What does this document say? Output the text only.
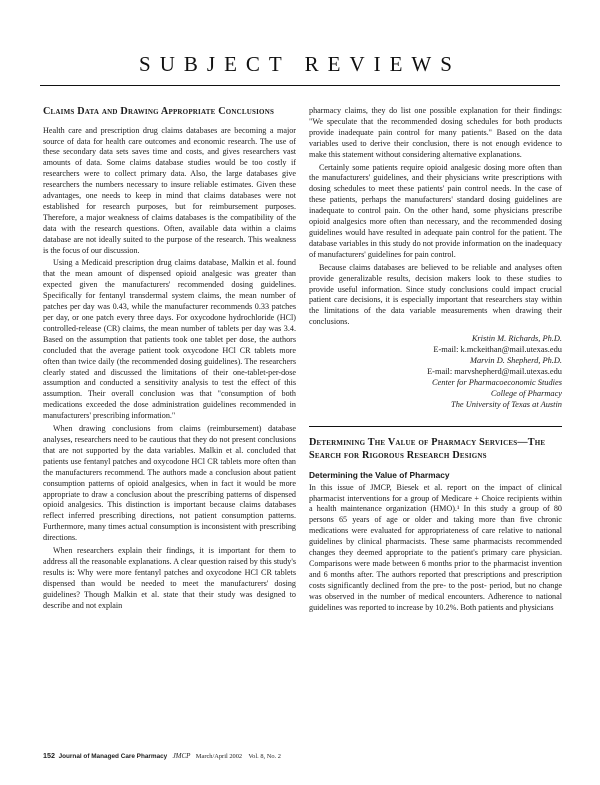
SUBJECT REVIEWS
Claims Data and Drawing Appropriate Conclusions

Health care and prescription drug claims databases are becoming a major source of data for health care outcomes and economic research. The use of these secondary data sets saves time and costs, and gives researchers vast amounts of data. Some claims database studies would be too costly if researchers were to collect primary data. Also, the large databases give researchers the numbers necessary to insure reliable estimates. Given these advantages, one needs to keep in mind that claims databases were not established for research purposes, but for reimbursement purposes. Therefore, a major weakness of claims databases is the compatibility of the data with the research questions. Often, available data within a claims database are not ideally suited to the purpose of the research. This weakness is the focus of our discussion.

Using a Medicaid prescription drug claims database, Malkin et al. found that the mean amount of dispensed opioid analgesic was greater than expected given the manufacturers' recommended dosing guidelines. Specifically for fentanyl transdermal system claims, the mean number of patches per day was 0.43, while the manufacturer recommends 0.33 patches per day, or one patch every three days. For oxycodone hydrochloride (HCl) controlled-release (CR) claims, the mean number of tablets per day was 3.4. Based on the assumption that patients took one tablet per dose, the authors concluded that the average patient took oxycodone HCl CR tablets more often than twice daily (the recommended dosing guidelines). The researchers clearly stated and discussed the limitations of their one-tablet-per-dose assumption and conducted a sensitivity analysis to test the effect of this assumption. Their overall conclusion was that "consumption of both medications exceeded the dose administration guidelines recommended in manufacturers' prescribing information."

When drawing conclusions from claims (reimbursement) database analyses, researchers need to be cautious that they do not present conclusions that are not supported by the data variables. Malkin et al. concluded that patients use fentanyl patches and oxycodone HCl CR tablets more often than the manufacturers recommend. The authors made a conclusion about patient consumption patterns of opioid analgesics, when in fact it would be more appropriate to draw a conclusion about the prescribing patterns of dispensed opioid analgesics. This distinction is important because claims databases reflect inferred prescribing directions, not patient consumption patterns. Furthermore, many times actual consumption is inconsistent with prescribing directions.

When researchers explain their findings, it is important for them to address all the reasonable explanations. A clear question raised by this study's results is: Why were more fentanyl patches and oxycodone HCl CR tablets dispensed than would be needed to meet the manufacturers' dosing guidelines? Though Malkin et al. state that their study was designed to describe and not explain

pharmacy claims, they do list one possible explanation for their findings: "We speculate that the recommended dosing schedules for both products provide inadequate pain control for many patients." Based on the data variables used to derive their conclusion, there is not enough evidence to make this statement without considering alternative explanations.

Certainly some patients require opioid analgesic dosing more often than the manufacturers' guidelines, and their physicians write prescriptions with dosing schedules to meet these patients' pain control needs. In the case of these patients, perhaps the manufacturers' standard dosing guidelines are inadequate to control pain. On the other hand, some physicians prescribe opioid analgesics more often than necessary, and the recommended dosing guidelines would have resulted in adequate pain control for the patient. The database variables in this study do not provide information on the inadequacy of manufacturers' guidelines for pain control.

Because claims databases are believed to be reliable and analyses often provide generalizable results, decision makers look to these studies to provide useful information. Since study conclusions could impact crucial patient care decisions, it is especially important that researchers stay within the limitations of the data variable measurements when drawing their conclusions.

Kristin M. Richards, Ph.D.
E-mail: k.mckeithan@mail.utexas.edu
Marvin D. Shepherd, Ph.D.
E-mail: marvshepherd@mail.utexas.edu
Center for Pharmacoeconomic Studies
College of Pharmacy
The University of Texas at Austin
Determining The Value of Pharmacy Services—The Search for Rigorous Research Designs
Determining the Value of Pharmacy

In this issue of JMCP, Biesek et al. report on the impact of clinical pharmacist interventions for a group of Medicare + Choice recipients within a health maintenance organization (HMO).¹ In this study a group of 80 persons 65 years of age or older and taking more than five chronic medications were evaluated for appropriateness of care relative to national guidelines by clinical pharmacists. These same pharmacists recommended changes they deemed appropriate to the patient's primary care physician. Comparisons were made between 6 months prior to the pharmacist invention and 6 months after. The authors reported that prescriptions and prescription costs significantly declined from the pre- to the post- period, but no change was observed in the number of medical encounters. Adherence to national guidelines was reported to increase by 10.2%. Both patients and physicians

152 Journal of Managed Care Pharmacy JMCP March/April 2002    Vol. 8, No. 2
